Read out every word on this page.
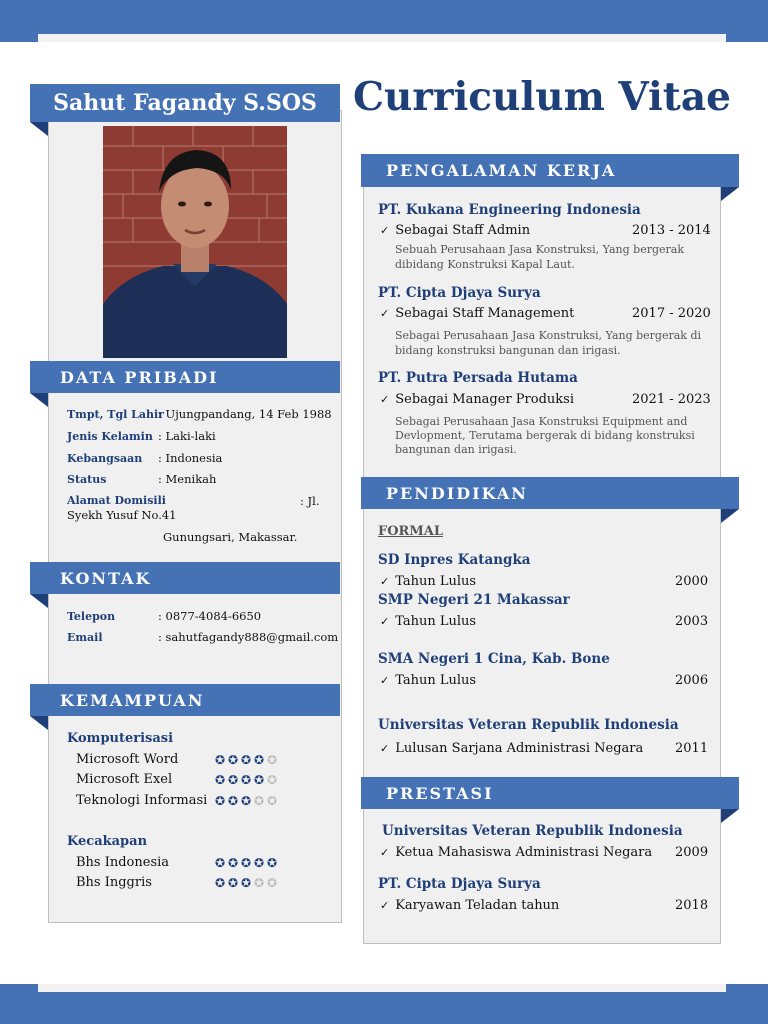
Sahut Fagandy S.SOS Curriculum Vitae
DATA PRIBADI
Tmpt, Tgl Lahir
: Ujungpandang, 14 Feb 1988
Jenis Kelamin : Laki-laki
Kebangsaan : Indonesia
Status	: Menikah
Alamat Domisili	: Jl.
Syekh Yusuf No.41
Gunungsari, Makassar.
KONTAK
Telepon	: 0877-4084-6650
Email	: sahutfagandy888@gmail.com
KEMAMPUAN
Komputerisasi
Microsoft Word	✪ ✪ ✪ ✪ ✪
Microsoft Exel	✪ ✪ ✪ ✪ ✪
Teknologi Informasi ✪ ✪ ✪ ✪ ✪
Kecakapan
Bhs Indonesia	✪ ✪ ✪ ✪ ✪
Bhs Inggris	✪ ✪ ✪ ✪ ✪
PENGALAMAN KERJA
PT. Kukana Engineering Indonesia
✓ Sebagai Staff Admin	2013 - 2014
Sebuah Perusahaan Jasa Konstruksi, Yang bergerak
dibidang Konstruksi Kapal Laut.
PT. Cipta Djaya Surya
✓ Sebagai Staff Management	2017 - 2020
Sebagai Perusahaan Jasa Konstruksi, Yang bergerak di
bidang konstruksi bangunan dan irigasi.
PT. Putra Persada Hutama
✓ Sebagai Manager Produksi	2021 - 2023
Sebagai Perusahaan Jasa Konstruksi Equipment and
Devlopment, Terutama bergerak di bidang konstruksi
bangunan dan irigasi.
PENDIDIKAN
FORMAL
SD Inpres Katangka
✓ Tahun Lulus	2000
SMP Negeri 21 Makassar
✓ Tahun Lulus	2003
SMA Negeri 1 Cina, Kab. Bone
✓ Tahun Lulus	2006
Universitas Veteran Republik Indonesia
✓ Lulusan Sarjana Administrasi Negara 2011
PRESTASI
Universitas Veteran Republik Indonesia
✓ Ketua Mahasiswa Administrasi Negara 2009
PT. Cipta Djaya Surya
✓ Karyawan Teladan tahun	2018
